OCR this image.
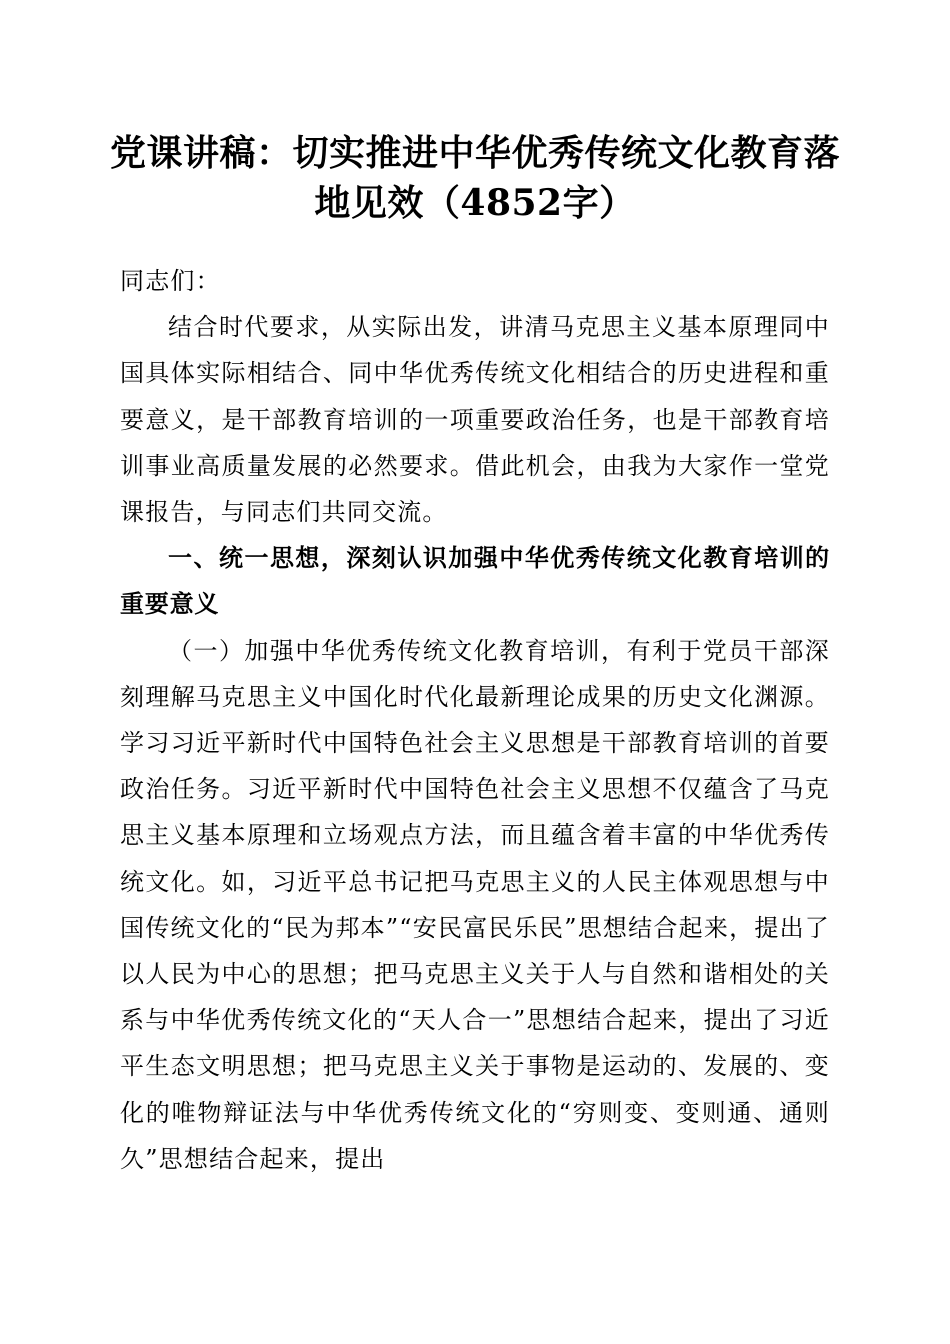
党课讲稿：切实推进中华优秀传统文化教育落
地见效（4852字）

同志们：

结合时代要求，从实际出发，讲清马克思主义基本原理同中国具体实际相结合、同中华优秀传统文化相结合的历史进程和重要意义，是干部教育培训的一项重要政治任务，也是干部教育培训事业高质量发展的必然要求。借此机会，由我为大家作一堂党课报告，与同志们共同交流。

一、统一思想，深刻认识加强中华优秀传统文化教育培训的重要意义

（一）加强中华优秀传统文化教育培训，有利于党员干部深刻理解马克思主义中国化时代化最新理论成果的历史文化渊源。学习习近平新时代中国特色社会主义思想是干部教育培训的首要政治任务。习近平新时代中国特色社会主义思想不仅蕴含了马克思主义基本原理和立场观点方法，而且蕴含着丰富的中华优秀传统文化。如，习近平总书记把马克思主义的人民主体观思想与中国传统文化的“民为邦本”“安民富民乐民”思想结合起来，提出了以人民为中心的思想；把马克思主义关于人与自然和谐相处的关系与中华优秀传统文化的“天人合一”思想结合起来，提出了习近平生态文明思想；把马克思主义关于事物是运动的、发展的、变化的唯物辩证法与中华优秀传统文化的“穷则变、变则通、通则久”思想结合起来，提出
